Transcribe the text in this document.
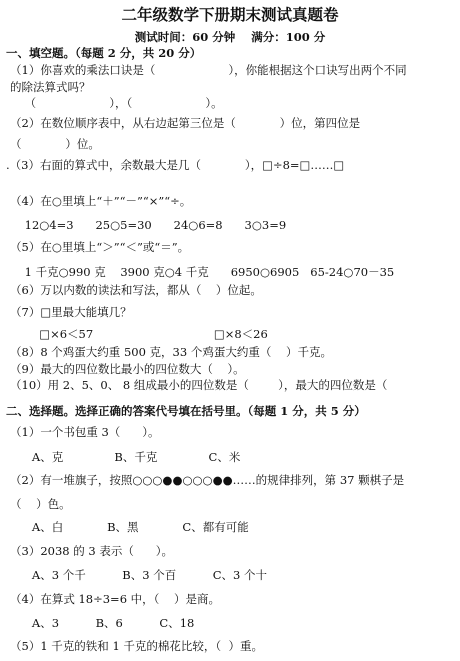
二年级数学下册期末测试真题卷
测试时间：60 分钟    满分：100 分
一、填空题。（每题 2 分，共 20 分）
（1）你喜欢的乘法口诀是（                    ），你能根据这个口诀写出两个不同
的除法算式吗？
（                    ），（                    ）。
（2）在数位顺序表中，从右边起第三位是（            ）位，第四位是
（            ）位。
.（3）右面的算式中，余数最大是几（            ），□÷8=□……□
（4）在○里填上“＋”“－”“×”“÷。
12○4=3      25○5=30      24○6=8      3○3=9
（5）在○里填上“＞”“＜”或“＝”。
1 千克○990 克    3900 克○4 千克      6950○6905   65-24○70－35
（6）万以内数的读法和写法，都从（    ）位起。
（7）□里最大能填几？
□×6＜57                                 □×8＜26
（8）8 个鸡蛋大约重 500 克，33 个鸡蛋大约重（    ）千克。
（9）最大的四位数比最小的四位数大（    ）。
（10）用 2、5、0、 8 组成最小的四位数是（        ），最大的四位数是（
二、选择题。选择正确的答案代号填在括号里。（每题 1 分，共 5 分）
（1）一个书包重 3（      ）。
A、克              B、千克              C、米
（2）有一堆旗子，按照○○○●●○○○●●……的规律排列，第 37 颗棋子是
（    ）色。
A、白            B、黑            C、都有可能
（3）2038 的 3 表示（      ）。
A、3 个千          B、3 个百          C、3 个十
（4）在算式 18÷3=6 中，（    ）是商。
A、3          B、6          C、18
（5）1 千克的铁和 1 千克的棉花比较，（  ）重。
